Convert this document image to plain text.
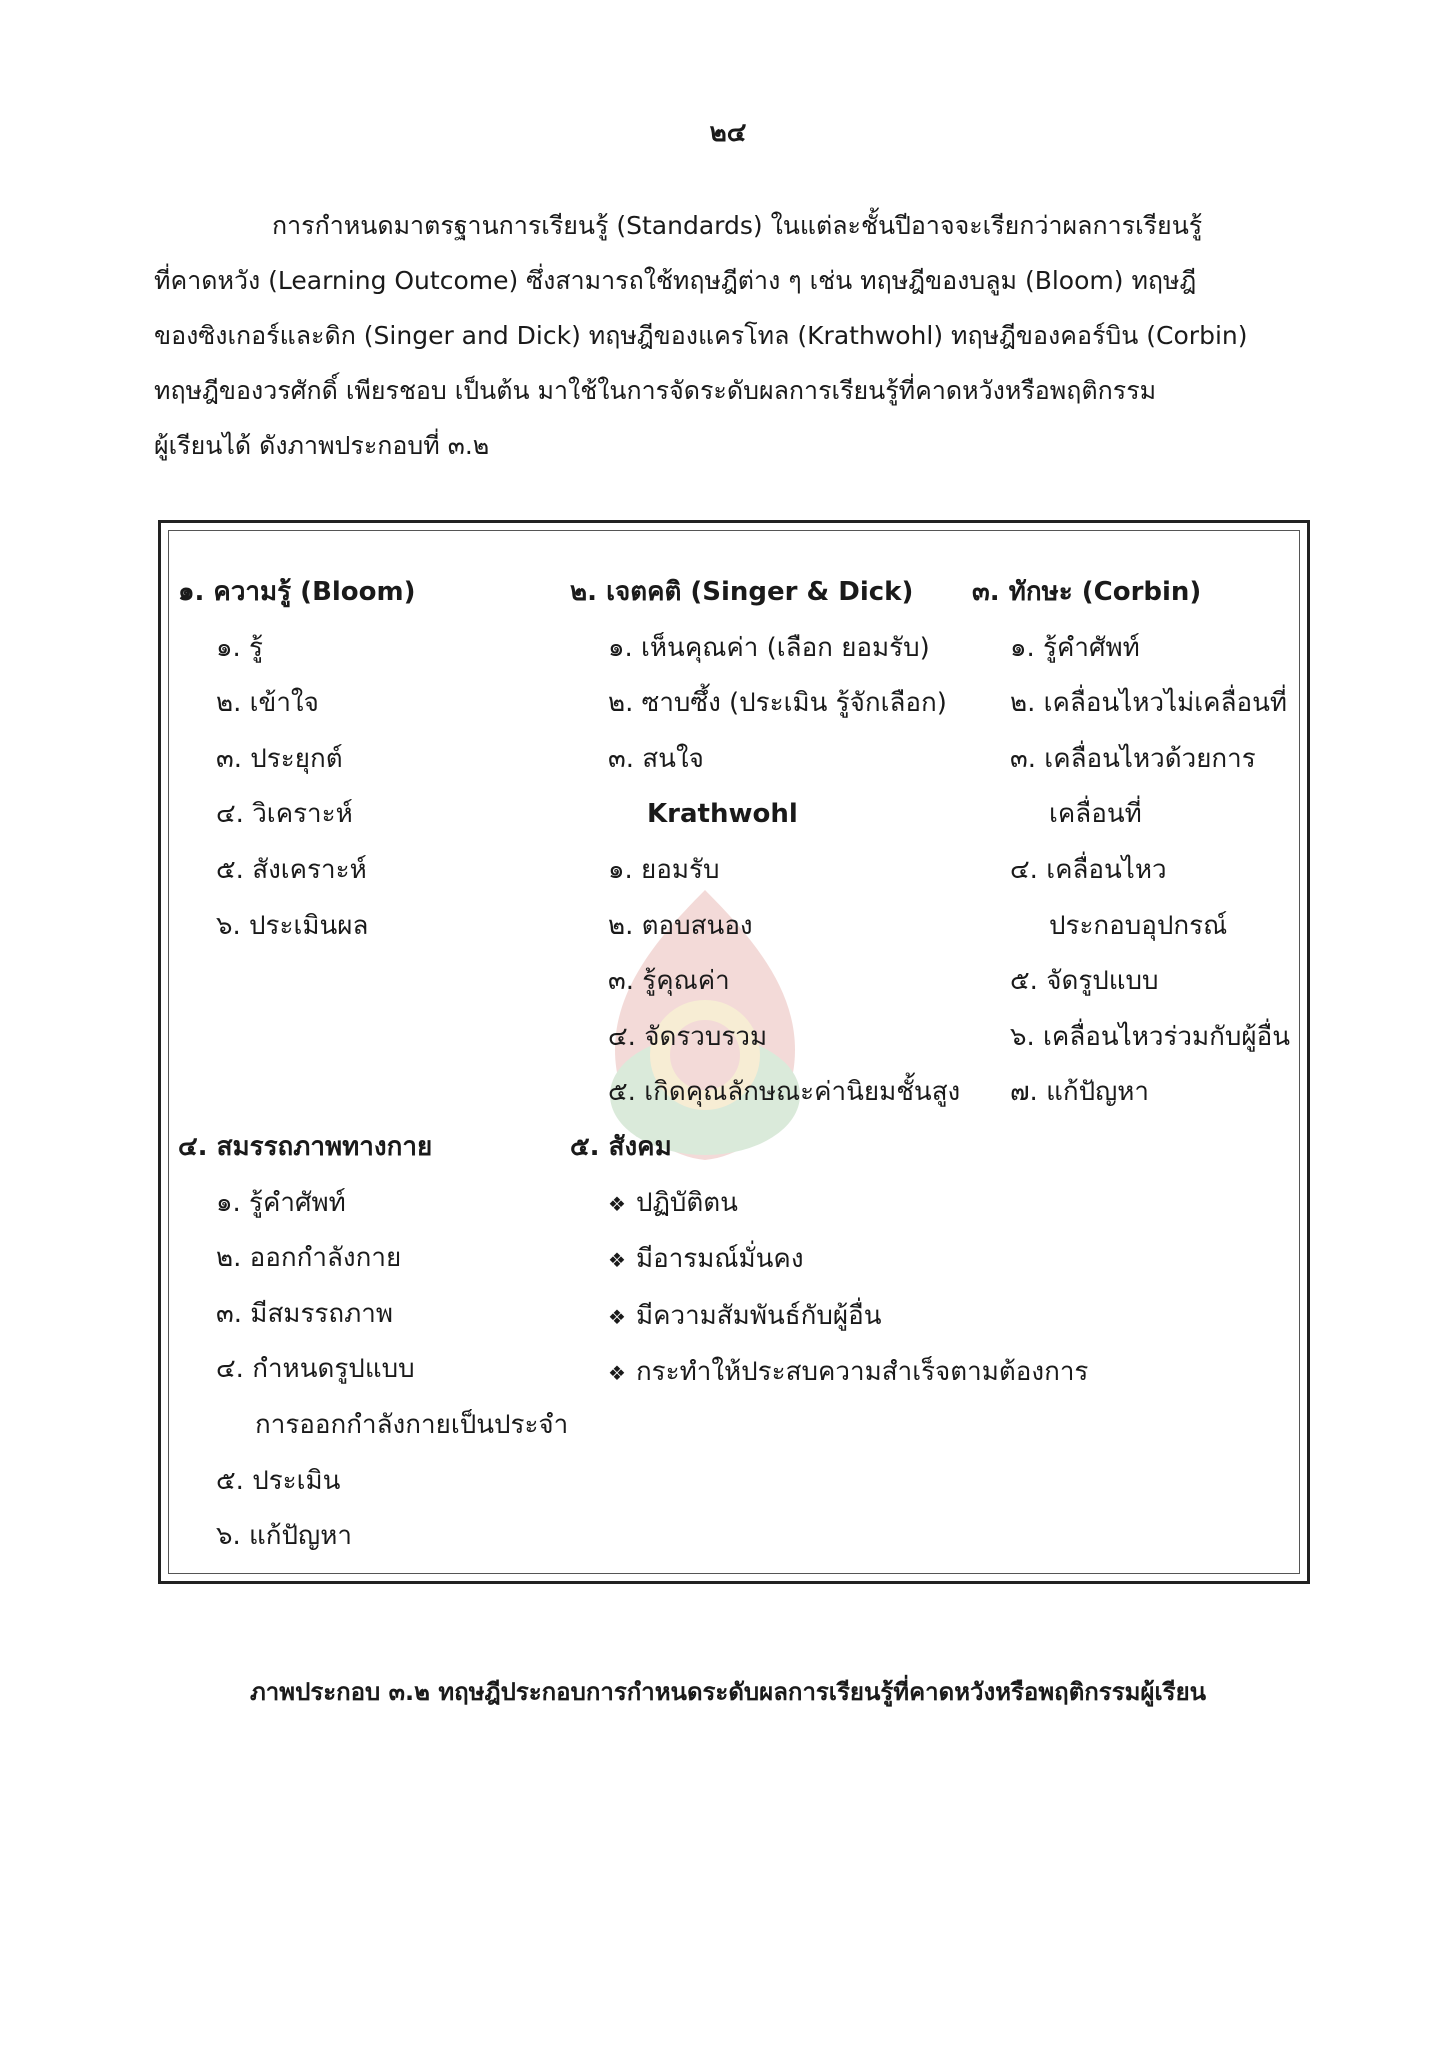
๒๔
การกำหนดมาตรฐานการเรียนรู้ (Standards) ในแต่ละชั้นปีอาจจะเรียกว่าผลการเรียนรู้
ที่คาดหวัง (Learning Outcome) ซึ่งสามารถใช้ทฤษฎีต่าง ๆ เช่น ทฤษฎีของบลูม (Bloom) ทฤษฎี
ของซิงเกอร์และดิก (Singer and Dick) ทฤษฎีของแครโทล (Krathwohl) ทฤษฎีของคอร์บิน (Corbin)
ทฤษฎีของวรศักดิ์ เพียรชอบ เป็นต้น มาใช้ในการจัดระดับผลการเรียนรู้ที่คาดหวังหรือพฤติกรรม
ผู้เรียนได้ ดังภาพประกอบที่ ๓.๒
๑. ความรู้ (Bloom)
๑. รู้
๒. เข้าใจ
๓. ประยุกต์
๔. วิเคราะห์
๕. สังเคราะห์
๖. ประเมินผล
๒. เจตคติ (Singer & Dick)
๑. เห็นคุณค่า (เลือก ยอมรับ)
๒. ซาบซึ้ง (ประเมิน รู้จักเลือก)
๓. สนใจ
Krathwohl
๑. ยอมรับ
๒. ตอบสนอง
๓. รู้คุณค่า
๔. จัดรวบรวม
๕. เกิดคุณลักษณะค่านิยมชั้นสูง
๓. ทักษะ (Corbin)
๑. รู้คำศัพท์
๒. เคลื่อนไหวไม่เคลื่อนที่
๓. เคลื่อนไหวด้วยการ
เคลื่อนที่
๔. เคลื่อนไหว
ประกอบอุปกรณ์
๕. จัดรูปแบบ
๖. เคลื่อนไหวร่วมกับผู้อื่น
๗. แก้ปัญหา
๔. สมรรถภาพทางกาย
๑. รู้คำศัพท์
๒. ออกกำลังกาย
๓. มีสมรรถภาพ
๔. กำหนดรูปแบบ
การออกกำลังกายเป็นประจำ
๕. ประเมิน
๖. แก้ปัญหา
๕. สังคม
❖ ปฏิบัติตน
❖ มีอารมณ์มั่นคง
❖ มีความสัมพันธ์กับผู้อื่น
❖ กระทำให้ประสบความสำเร็จตามต้องการ
ภาพประกอบ ๓.๒ ทฤษฎีประกอบการกำหนดระดับผลการเรียนรู้ที่คาดหวังหรือพฤติกรรมผู้เรียน
